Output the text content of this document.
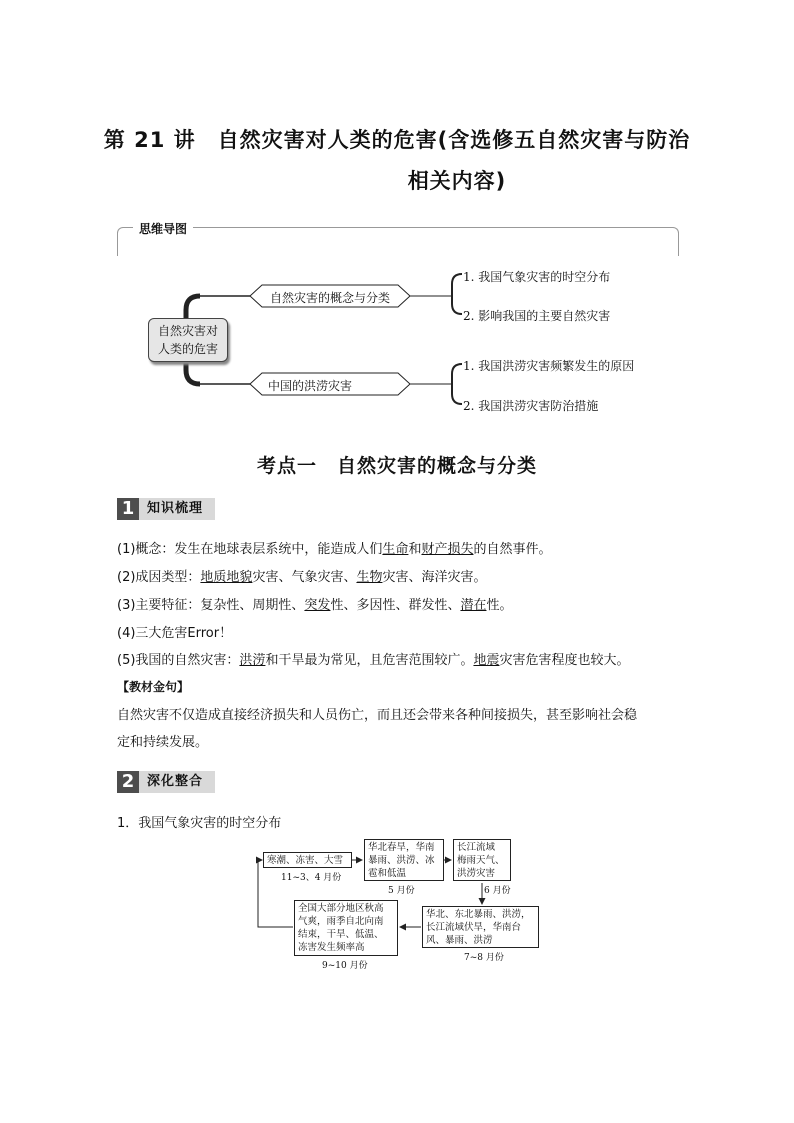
第 21 讲　自然灾害对人类的危害(含选修五自然灾害与防治
相关内容)
思维导图
自然灾害对
人类的危害
自然灾害的概念与分类
中国的洪涝灾害
1. 我国气象灾害的时空分布
2. 影响我国的主要自然灾害
1. 我国洪涝灾害频繁发生的原因
2. 我国洪涝灾害防治措施
考点一　自然灾害的概念与分类
1 知识梳理
(1)概念：发生在地球表层系统中，能造成人们生命和财产损失的自然事件。
(2)成因类型：地质地貌灾害、气象灾害、生物灾害、海洋灾害。
(3)主要特征：复杂性、周期性、突发性、多因性、群发性、潜在性。
(4)三大危害Error！
(5)我国的自然灾害：洪涝和干旱最为常见，且危害范围较广。地震灾害危害程度也较大。
【教材金句】
自然灾害不仅造成直接经济损失和人员伤亡，而且还会带来各种间接损失，甚至影响社会稳
定和持续发展。
2 深化整合
1．我国气象灾害的时空分布
寒潮、冻害、大雪
11~3、4 月份
华北春旱，华南
暴雨、洪涝、冰
雹和低温
5 月份
长江流域
梅雨天气、
洪涝灾害
6 月份
华北、东北暴雨、洪涝，
长江流域伏旱，华南台
风、暴雨、洪涝
7~8 月份
全国大部分地区秋高
气爽，雨季自北向南
结束，干旱、低温、
冻害发生频率高
9~10 月份
